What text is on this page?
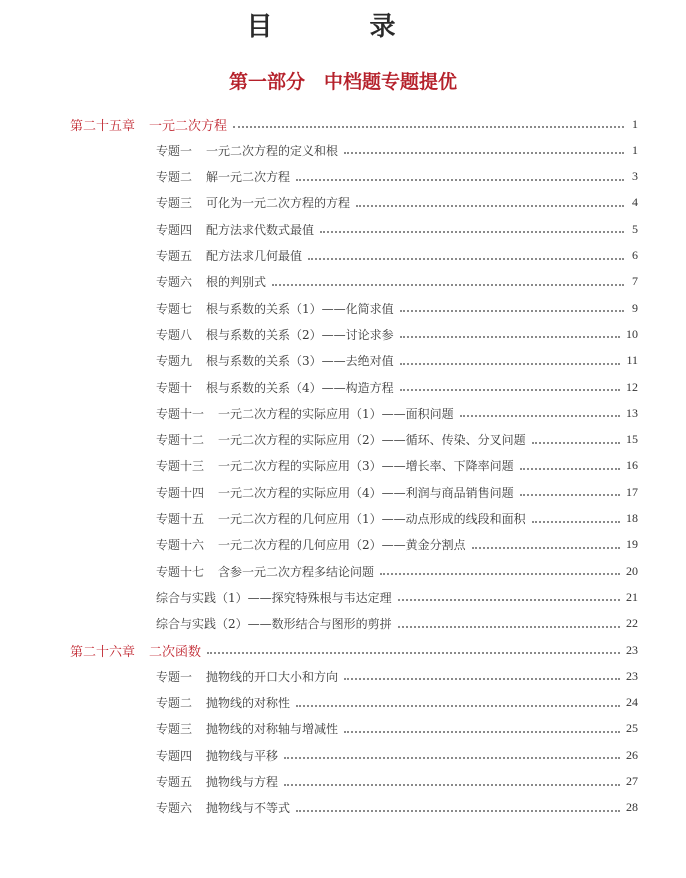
目 录
第一部分　中档题专题提优
第二十五章 一元二次方程	1
专题一 一元二次方程的定义和根	1
专题二 解一元二次方程	3
专题三 可化为一元二次方程的方程	4
专题四 配方法求代数式最值	5
专题五 配方法求几何最值	6
专题六 根的判别式	7
专题七 根与系数的关系（1）——化简求值	9
专题八 根与系数的关系（2）——讨论求参	10
专题九 根与系数的关系（3）——去绝对值	11
专题十 根与系数的关系（4）——构造方程	12
专题十一 一元二次方程的实际应用（1）——面积问题	13
专题十二 一元二次方程的实际应用（2）——循环、传染、分叉问题	15
专题十三 一元二次方程的实际应用（3）——增长率、下降率问题	16
专题十四 一元二次方程的实际应用（4）——利润与商品销售问题	17
专题十五 一元二次方程的几何应用（1）——动点形成的线段和面积	18
专题十六 一元二次方程的几何应用（2）——黄金分割点	19
专题十七 含参一元二次方程多结论问题	20
综合与实践（1）——探究特殊根与韦达定理	21
综合与实践（2）——数形结合与图形的剪拼	22
第二十六章 二次函数	23
专题一 抛物线的开口大小和方向	23
专题二 抛物线的对称性	24
专题三 抛物线的对称轴与增减性	25
专题四 抛物线与平移	26
专题五 抛物线与方程	27
专题六 抛物线与不等式	28
